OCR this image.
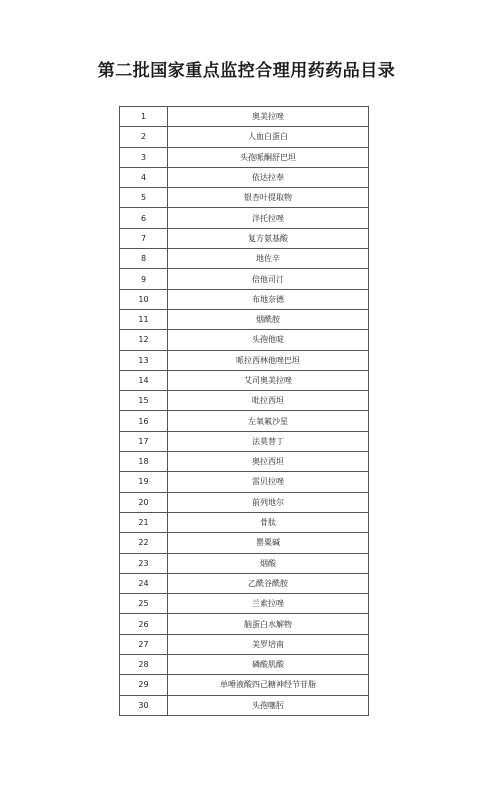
第二批国家重点监控合理用药药品目录
1	奥美拉唑
2	人血白蛋白
3	头孢哌酮舒巴坦
4	依达拉奉
5	银杏叶提取物
6	泮托拉唑
7	复方氨基酸
8	地佐辛
9	倍他司汀
10	布地奈德
11	烟酰胺
12	头孢他啶
13	哌拉西林他唑巴坦
14	艾司奥美拉唑
15	吡拉西坦
16	左氧氟沙星
17	法莫替丁
18	奥拉西坦
19	雷贝拉唑
20	前列地尔
21	骨肽
22	罂粟碱
23	烟酸
24	乙酰谷酰胺
25	兰索拉唑
26	脑蛋白水解物
27	美罗培南
28	磷酸肌酸
29	单唾液酸四己糖神经节苷脂
30	头孢噻肟
